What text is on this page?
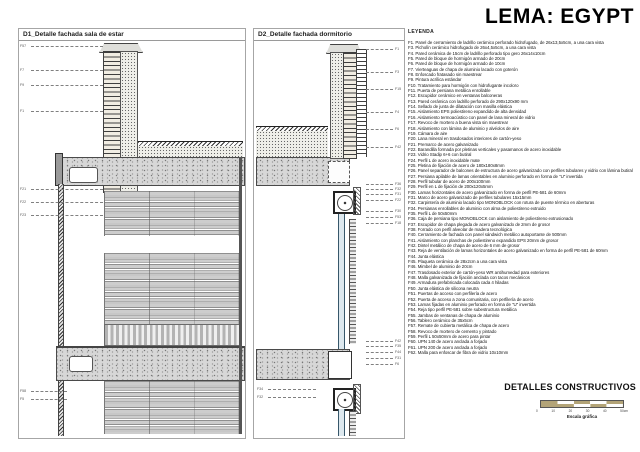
LEMA: EGYPT
D1_Detalle fachada sala de estar
F57
F7
F9
F1
F21
F22
F23
F58
F5
D2_Detalle fachada dormitorio
F1
F3
F15
F4
F6
F42
F36
F32
F31
F22
F30
F53
F18
F42
F35
F44
F31
F6
F34
F32
LEYENDA
F1. Panel de cerramiento de ladrillo cerámico perforado hidrofugado, de 26x13,5x5cm, a una cara vista
F3. Picholín cerámico hidrofugado de 26x4,5x5cm, a una cara vista
F4. Pared cerámica de 15cm de ladrillo perforado tipo gero 26x14x10cm
F5. Pared de bloque de hormigón armado de 20cm
F6. Pared de bloque de hormigón armado de 10cm
F7. Vierteaguas de chapa de aluminio lacado con goterón
F8. Enfoscado fratasado sin maestrear
F9. Pintura acrílica estándar
F10. Tratamiento para hormigón con hidrofugante incoloro
F11. Puerta de persiana metálica enrollable
F12. Escupidor cerámico en ventanas balconeras
F13. Pared cerámica con ladrillo perforado de 290x120x90 mm
F14. Sellado de junta de dilatación con masilla elástica
F15. Aislamiento EPS poliestireno expandido de alta densidad
F16. Aislamiento termoacústico con panel de lana mineral de vidrio
F17. Revoco de mortero a buena vista sin maestrear
F18. Aislamiento con lámina de aluminio y alvéolos de aire
F19. Cámara de aire
F20. Lana mineral en trasdosados interiores de cartón-yeso
F21. Premarco de acero galvanizado
F22. Barandilla formada por pletinas verticales y pasamanos de acero inoxidable
F23. Vidrio Stadip 6+6 con butiral
F24. Perfil L de acero inoxidable mate
F25. Pletina de fijación de acero de 180x180x8mm
F26. Panel separador de balcones de estructura de acero galvanizado con perfiles tubulares y vidrio con lámina butiral
F27. Persiana apilable de lamas orientables en aluminio perforado en forma de "U" invertida
F28. Perfil tubular de acero de 200x100mm
F29. Perfil en L de fijación de 200x120x5mm
F30. Lamas horizontales de acero galvanizado en forma de perfil PE-581 de 60mm
F31. Marco de acero galvanizado de perfiles tubulares 15x15mm
F32. Carpintería de aluminio lacado tipo MONOBLOCK con rotura de puente térmico en aberturas
F34. Persianas enrollables de aluminio con alma de poliestireno extruido
F35. Perfil L de 50x50mm
F36. Caja de persiana tipo MONOBLOCK con aislamiento de poliestireno extrusionado
F37. Escupidor de chapa plegada de acero galvanizado de 2mm de grosor
F38. Forrado con perfil alveolar de madera tecnológica
F40. Cerramiento de fachada con panel sándwich metálico autoportante de 500mm
F41. Aislamiento con planchas de poliestireno expandido EPS 20mm de grosor
F42. Dintel metálico de chapa de acero de 6 mm de grosor
F43. Reja de ventilación de lamas horizontales de acero galvanizado en forma de perfil PE-581 de 60mm
F44. Junta elástica
F45. Plaqueta cerámica de 28x2cm a una cara vista
F46. Mimbel de aluminio de 20cm
F47. Trasdosado exterior de cartón-yeso WR antihumedad para exteriores
F48. Malla galvanizada de fijación anclada con tacos mecánicos
F49. Armadura prefabricada colocada cada 4 hiladas
F50. Junta elástica de silicona neutra
F51. Puertas de acceso con perfilería de acero
F52. Puerta de acceso a zona comunitaria, con perfilería de acero
F53. Lamas fijadas en aluminio perforado en forma de "U" invertida
F54. Reja tipo perfil PE-581 sobre subestructura metálica
F55. Jambas de ventanas de chapa de aluminio
F56. Tablero cerámico de 35x5cm
F57. Remate de cubierta metálica de chapa de acero
F58. Revoco de mortero de cemento y pintado
F59. Perfil L 50x50mm de acero para pintar
F60. UPN 140 de acero anclada a forjado
F61. UPN 200 de acero anclada a forjado
F62. Malla para enfoscar de fibra de vidrio 10x10mm
DETALLES CONSTRUCTIVOS
0	10	20	30	40	50cm
Escala gráfica
